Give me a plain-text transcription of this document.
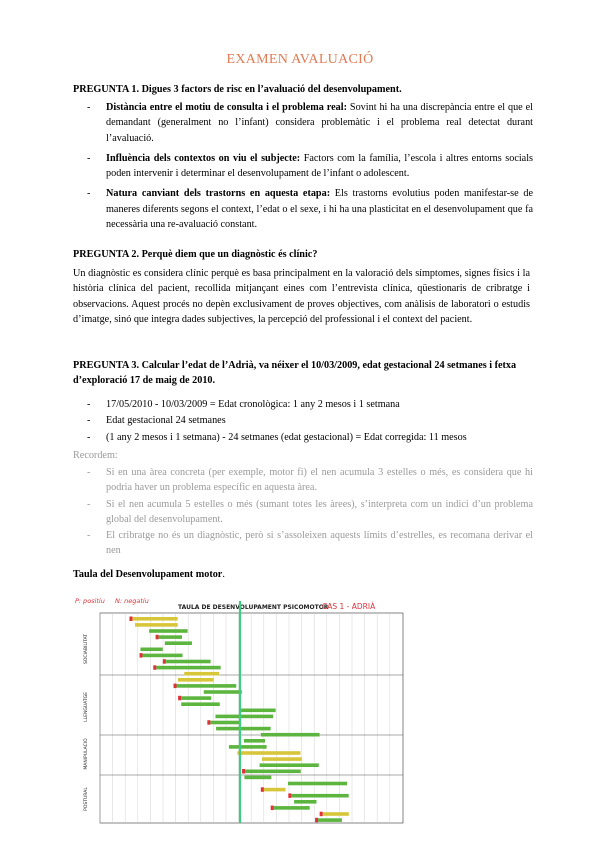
EXAMEN AVALUACIÓ
PREGUNTA 1. Digues 3 factors de risc en l’avaluació del desenvolupament.
- Distància entre el motiu de consulta i el problema real: Sovint hi ha una discrepància entre el que el demandant (generalment no l’infant) considera problemàtic i el problema real detectat durant l’avaluació.
- Influència dels contextos on viu el subjecte: Factors com la família, l’escola i altres entorns socials poden intervenir i determinar el desenvolupament de l’infant o adolescent.
- Natura canviant dels trastorns en aquesta etapa: Els trastorns evolutius poden manifestar-se de maneres diferents segons el context, l’edat o el sexe, i hi ha una plasticitat en el desenvolupament que fa necessària una re-avaluació constant.
PREGUNTA 2. Perquè diem que un diagnòstic és clínic?
Un diagnòstic es considera clínic perquè es basa principalment en la valoració dels símptomes, signes físics i la història clínica del pacient, recollida mitjançant eines com l’entrevista clínica, qüestionaris de cribratge i observacions. Aquest procés no depèn exclusivament de proves objectives, com anàlisis de laboratori o estudis d’imatge, sinó que integra dades subjectives, la percepció del professional i el context del pacient.
PREGUNTA 3. Calcular l’edat de l’Adrià, va néixer el 10/03/2009, edat gestacional 24 setmanes i fetxa d’exploració 17 de maig de 2010.
- 17/05/2010 - 10/03/2009 = Edat cronològica: 1 any 2 mesos i 1 setmana
- Edat gestacional 24 setmanes
- (1 any 2 mesos i 1 setmana) - 24 setmanes (edat gestacional) = Edat corregida: 11 mesos
Recordem:
- Si en una àrea concreta (per exemple, motor fi) el nen acumula 3 estelles o més, es considera que hi podria haver un problema específic en aquesta àrea.
- Si el nen acumula 5 estelles o més (sumant totes les àrees), s’interpreta com un indici d’un problema global del desenvolupament.
- El cribratge no és un diagnòstic, però si s’assoleixen aquests límits d’estrelles, es recomana derivar el nen
Taula del Desenvolupament motor.
P: positiu N: negatiu
TAULA DE DESENVOLUPAMENT PSICOMOTOR
CAS 1 - ADRIÀ
SOCIABILITAT
LLENGUATGE
MANIPULACIÓ
POSTURAL
